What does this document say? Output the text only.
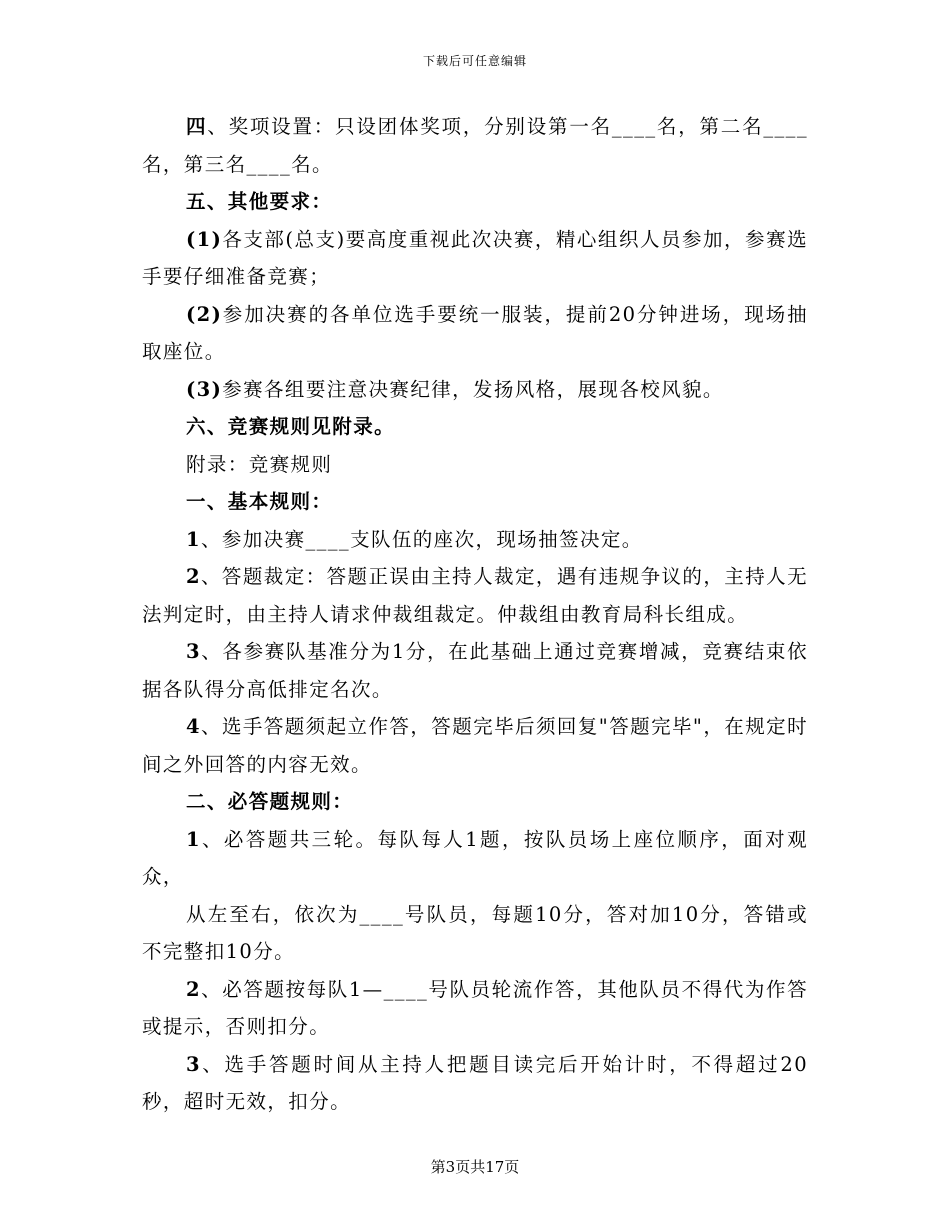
下载后可任意编辑

四、奖项设置：只设团体奖项，分别设第一名____名，第二名____名，第三名____名。

五、其他要求：

(1)各支部(总支)要高度重视此次决赛，精心组织人员参加，参赛选手要仔细准备竞赛；

(2)参加决赛的各单位选手要统一服装，提前20分钟进场，现场抽取座位。

(3)参赛各组要注意决赛纪律，发扬风格，展现各校风貌。

六、竞赛规则见附录。

附录：竞赛规则

一、基本规则：

1、参加决赛____支队伍的座次，现场抽签决定。

2、答题裁定：答题正误由主持人裁定，遇有违规争议的，主持人无法判定时，由主持人请求仲裁组裁定。仲裁组由教育局科长组成。

3、各参赛队基准分为1分，在此基础上通过竞赛增减，竞赛结束依据各队得分高低排定名次。

4、选手答题须起立作答，答题完毕后须回复"答题完毕"，在规定时间之外回答的内容无效。

二、必答题规则：

1、必答题共三轮。每队每人1题，按队员场上座位顺序，面对观众，

从左至右，依次为____号队员，每题10分，答对加10分，答错或不完整扣10分。

2、必答题按每队1—____号队员轮流作答，其他队员不得代为作答或提示，否则扣分。

3、选手答题时间从主持人把题目读完后开始计时，不得超过20秒，超时无效，扣分。

第3页共17页
